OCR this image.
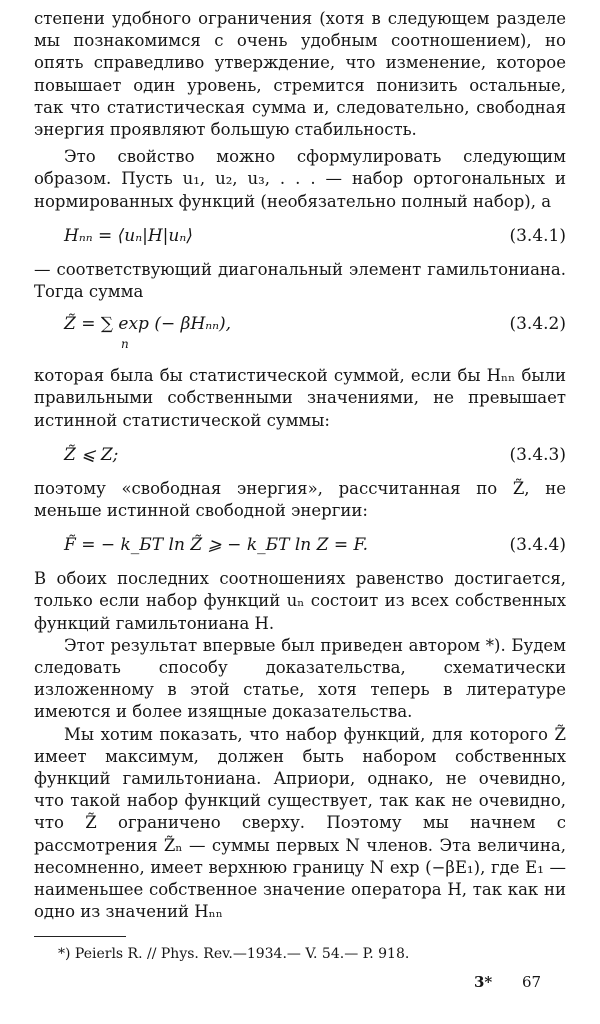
степени удобного ограничения (хотя в следующем разделе мы познакомимся с очень удобным соотношением), но опять справедливо утверждение, что изменение, которое повышает один уровень, стремится понизить остальные, так что статистическая сумма и, следовательно, свободная энергия проявляют большую стабильность.

Это свойство можно сформулировать следующим образом. Пусть u₁, u₂, u₃, . . . — набор ортогональных и нормированных функций (необязательно полный набор), а

Hₙₙ = ⟨uₙ|H|uₙ⟩	(3.4.1)

— соответствующий диагональный элемент гамильтониана. Тогда сумма

Z̃ = ∑ exp (− βHₙₙ),
n
(3.4.2)

которая была бы статистической суммой, если бы Hₙₙ были правильными собственными значениями, не превышает истинной статистической суммы:

Z̃ ⩽ Z;	(3.4.3)

поэтому «свободная энергия», рассчитанная по Z̃, не меньше истинной свободной энергии:

F̃ = − k_БT ln Z̃ ⩾ − k_БT ln Z = F.	(3.4.4)

В обоих последних соотношениях равенство достигается, только если набор функций uₙ состоит из всех собственных функций гамильтониана H.

Этот результат впервые был приведен автором *). Будем следовать способу доказательства, схематически изложенному в этой статье, хотя теперь в литературе имеются и более изящные доказательства.

Мы хотим показать, что набор функций, для которого Z̃ имеет максимум, должен быть набором собственных функций гамильтониана. Априори, однако, не очевидно, что такой набор функций существует, так как не очевидно, что Z̃ ограничено сверху. Поэтому мы начнем с рассмотрения Z̃ₙ — суммы первых N членов. Эта величина, несомненно, имеет верхнюю границу N exp (−βE₁), где E₁ — наименьшее собственное значение оператора H, так как ни одно из значений Hₙₙ

*) Peierls R. // Phys. Rev.—1934.— V. 54.— P. 918.
3* 67
